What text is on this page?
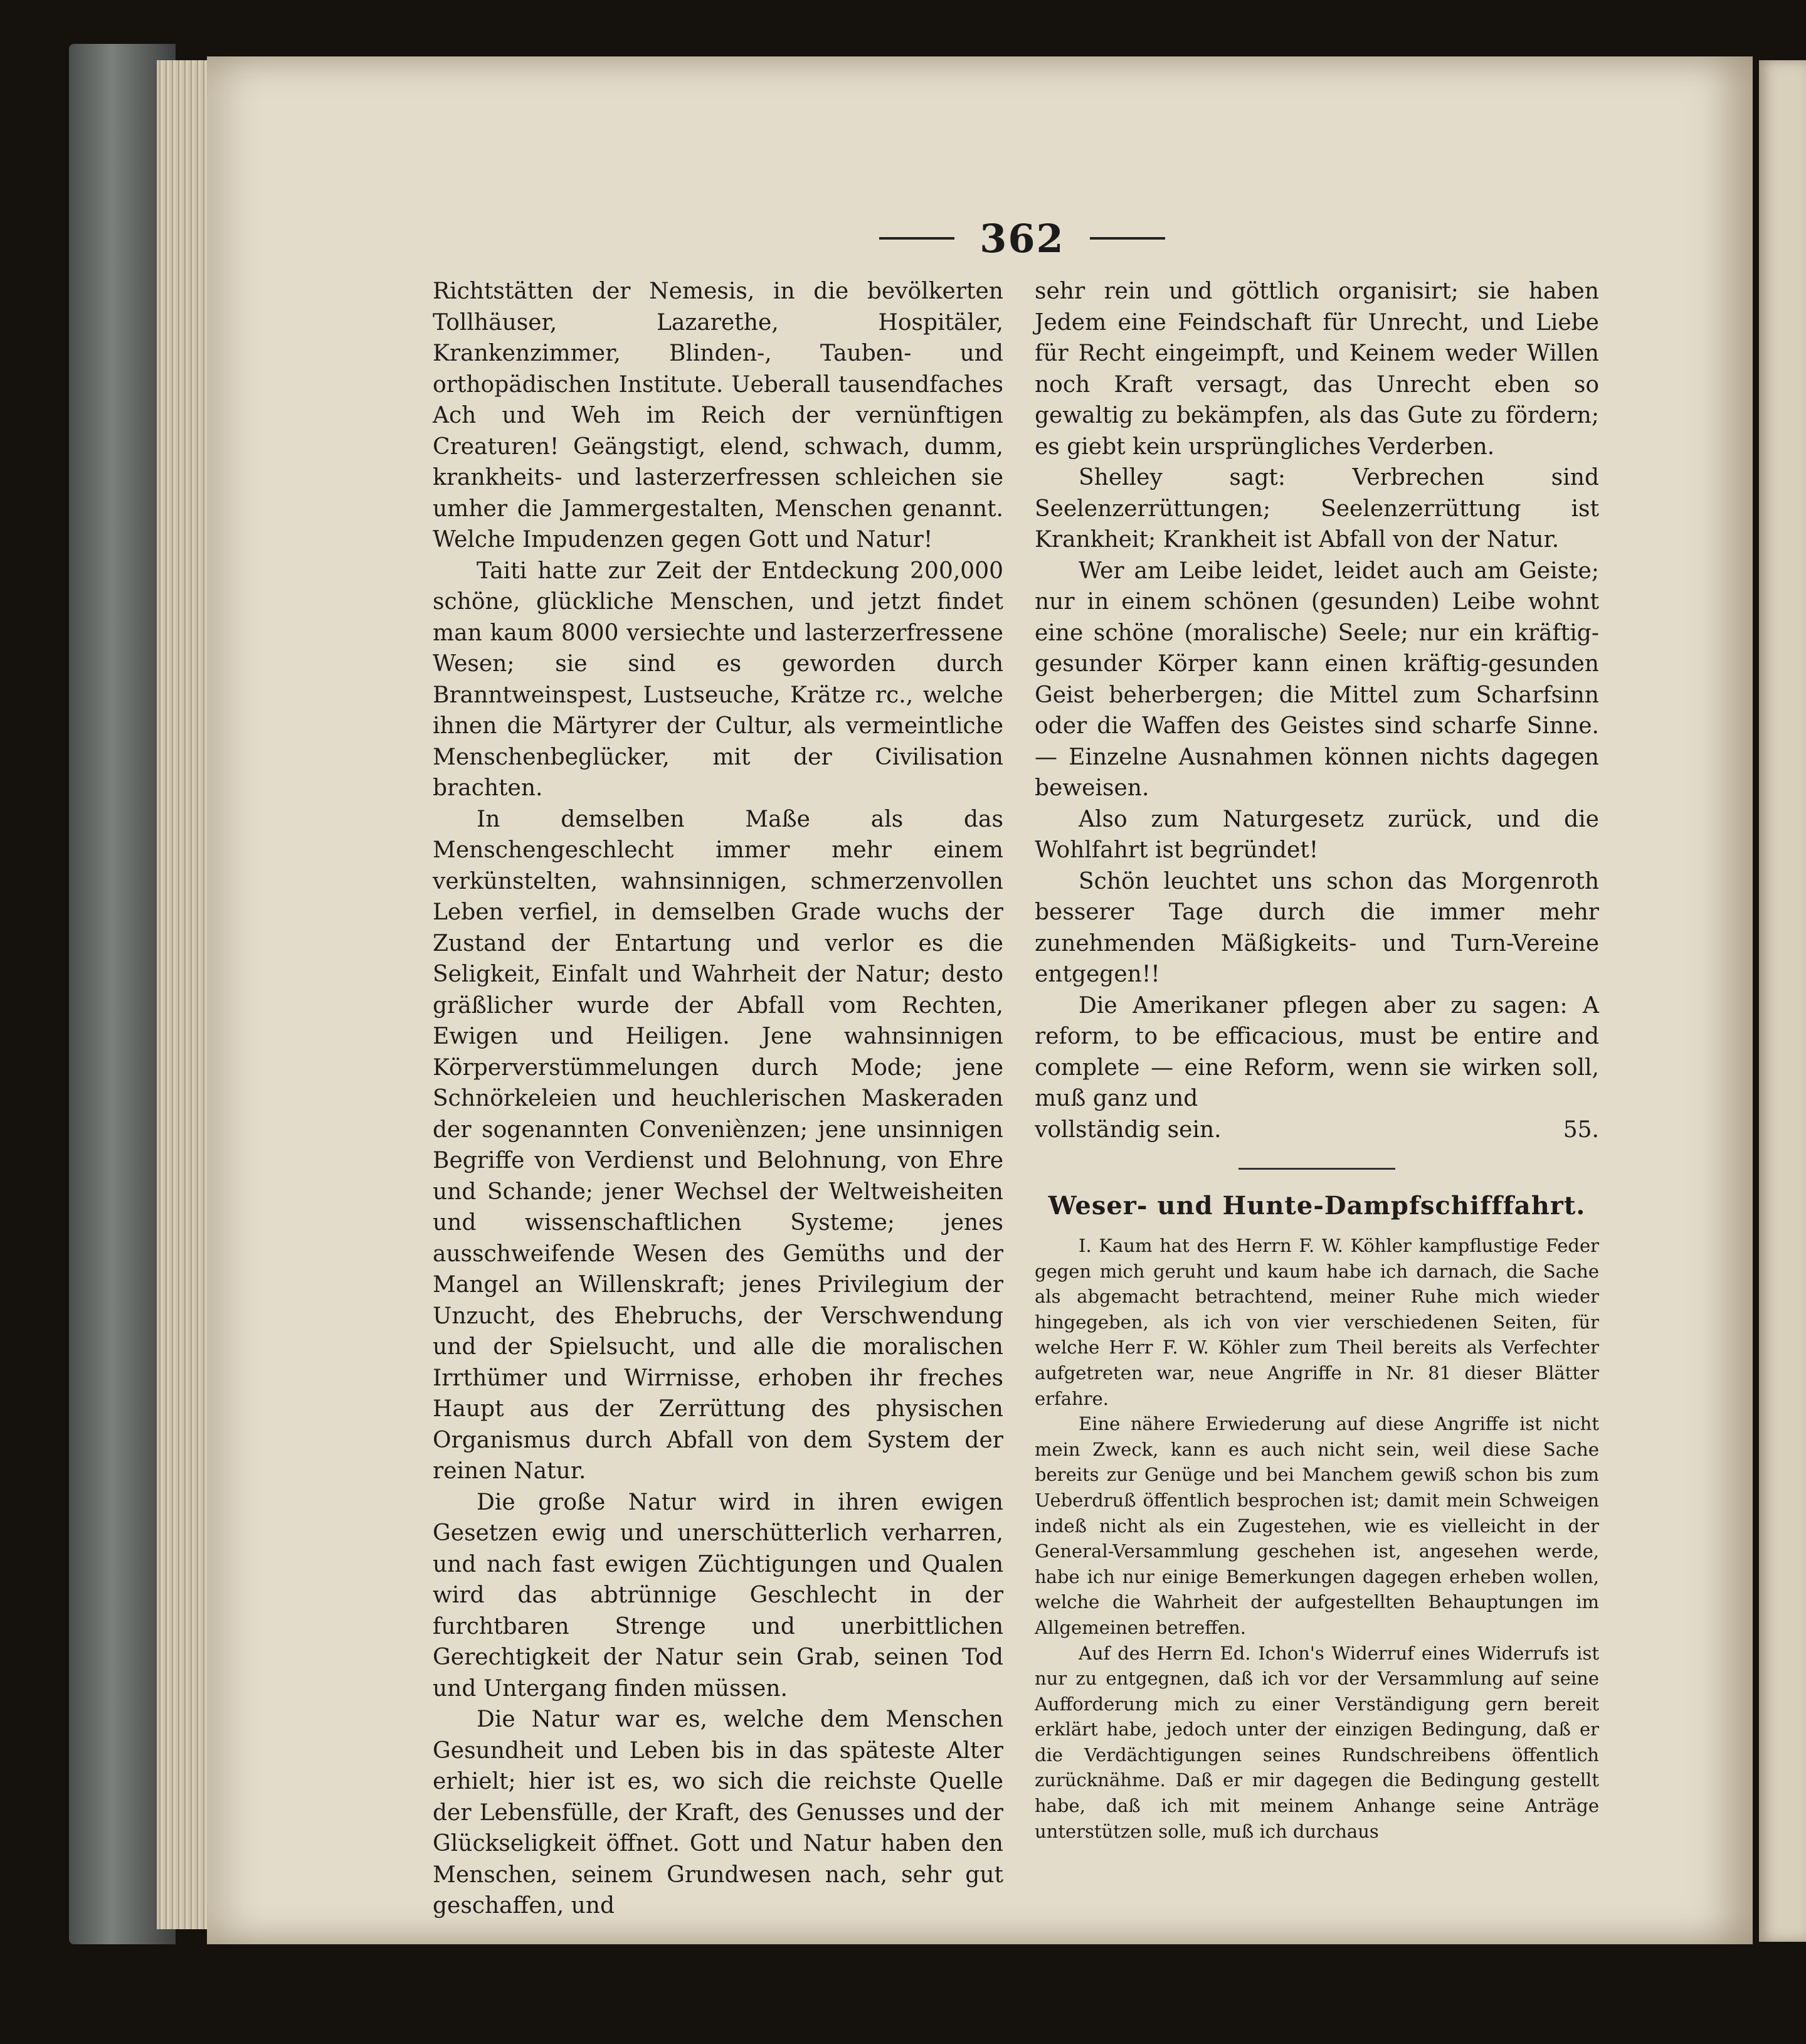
362

Richtstätten der Nemesis, in die bevölkerten Tollhäuser, Lazarethe, Hospitäler, Krankenzimmer, Blinden-, Tauben- und orthopädischen Institute. Ueberall tausendfaches Ach und Weh im Reich der vernünftigen Creaturen! Geängstigt, elend, schwach, dumm, krankheits- und lasterzerfressen schleichen sie umher die Jammergestalten, Menschen genannt. Welche Impudenzen gegen Gott und Natur!

Taiti hatte zur Zeit der Entdeckung 200,000 schöne, glückliche Menschen, und jetzt findet man kaum 8000 versiechte und lasterzerfressene Wesen; sie sind es geworden durch Branntweinspest, Lustseuche, Krätze rc., welche ihnen die Märtyrer der Cultur, als vermeintliche Menschenbeglücker, mit der Civilisation brachten.

In demselben Maße als das Menschengeschlecht immer mehr einem verkünstelten, wahnsinnigen, schmerzenvollen Leben verfiel, in demselben Grade wuchs der Zustand der Entartung und verlor es die Seligkeit, Einfalt und Wahrheit der Natur; desto gräßlicher wurde der Abfall vom Rechten, Ewigen und Heiligen. Jene wahnsinnigen Körperverstümmelungen durch Mode; jene Schnörkeleien und heuchlerischen Maskeraden der sogenannten Conveniènzen; jene unsinnigen Begriffe von Verdienst und Belohnung, von Ehre und Schande; jener Wechsel der Weltweisheiten und wissenschaftlichen Systeme; jenes ausschweifende Wesen des Gemüths und der Mangel an Willenskraft; jenes Privilegium der Unzucht, des Ehebruchs, der Verschwendung und der Spielsucht, und alle die moralischen Irrthümer und Wirrnisse, erhoben ihr freches Haupt aus der Zerrüttung des physischen Organismus durch Abfall von dem System der reinen Natur.

Die große Natur wird in ihren ewigen Gesetzen ewig und unerschütterlich verharren, und nach fast ewigen Züchtigungen und Qualen wird das abtrünnige Geschlecht in der furchtbaren Strenge und unerbittlichen Gerechtigkeit der Natur sein Grab, seinen Tod und Untergang finden müssen.

Die Natur war es, welche dem Menschen Gesundheit und Leben bis in das späteste Alter erhielt; hier ist es, wo sich die reichste Quelle der Lebensfülle, der Kraft, des Genusses und der Glückseligkeit öffnet. Gott und Natur haben den Menschen, seinem Grundwesen nach, sehr gut geschaffen, und

sehr rein und göttlich organisirt; sie haben Jedem eine Feindschaft für Unrecht, und Liebe für Recht eingeimpft, und Keinem weder Willen noch Kraft versagt, das Unrecht eben so gewaltig zu bekämpfen, als das Gute zu fördern; es giebt kein ursprüngliches Verderben.

Shelley sagt: Verbrechen sind Seelenzerrüttungen; Seelenzerrüttung ist Krankheit; Krankheit ist Abfall von der Natur.

Wer am Leibe leidet, leidet auch am Geiste; nur in einem schönen (gesunden) Leibe wohnt eine schöne (moralische) Seele; nur ein kräftig-gesunder Körper kann einen kräftig-gesunden Geist beherbergen; die Mittel zum Scharfsinn oder die Waffen des Geistes sind scharfe Sinne. — Einzelne Ausnahmen können nichts dagegen beweisen.

Also zum Naturgesetz zurück, und die Wohlfahrt ist begründet!

Schön leuchtet uns schon das Morgenroth besserer Tage durch die immer mehr zunehmenden Mäßigkeits- und Turn-Vereine entgegen!!

Die Amerikaner pflegen aber zu sagen: A reform, to be efficacious, must be entire and complete — eine Reform, wenn sie wirken soll, muß ganz und

vollständig sein.	55.

Weser- und Hunte-Dampfschifffahrt.

I. Kaum hat des Herrn F. W. Köhler kampflustige Feder gegen mich geruht und kaum habe ich darnach, die Sache als abgemacht betrachtend, meiner Ruhe mich wieder hingegeben, als ich von vier verschiedenen Seiten, für welche Herr F. W. Köhler zum Theil bereits als Verfechter aufgetreten war, neue Angriffe in Nr. 81 dieser Blätter erfahre.

Eine nähere Erwiederung auf diese Angriffe ist nicht mein Zweck, kann es auch nicht sein, weil diese Sache bereits zur Genüge und bei Manchem gewiß schon bis zum Ueberdruß öffentlich besprochen ist; damit mein Schweigen indeß nicht als ein Zugestehen, wie es vielleicht in der General-Versammlung geschehen ist, angesehen werde, habe ich nur einige Bemerkungen dagegen erheben wollen, welche die Wahrheit der aufgestellten Behauptungen im Allgemeinen betreffen.

Auf des Herrn Ed. Ichon's Widerruf eines Widerrufs ist nur zu entgegnen, daß ich vor der Versammlung auf seine Aufforderung mich zu einer Verständigung gern bereit erklärt habe, jedoch unter der einzigen Bedingung, daß er die Verdächtigungen seines Rundschreibens öffentlich zurücknähme. Daß er mir dagegen die Bedingung gestellt habe, daß ich mit meinem Anhange seine Anträge unterstützen solle, muß ich durchaus
